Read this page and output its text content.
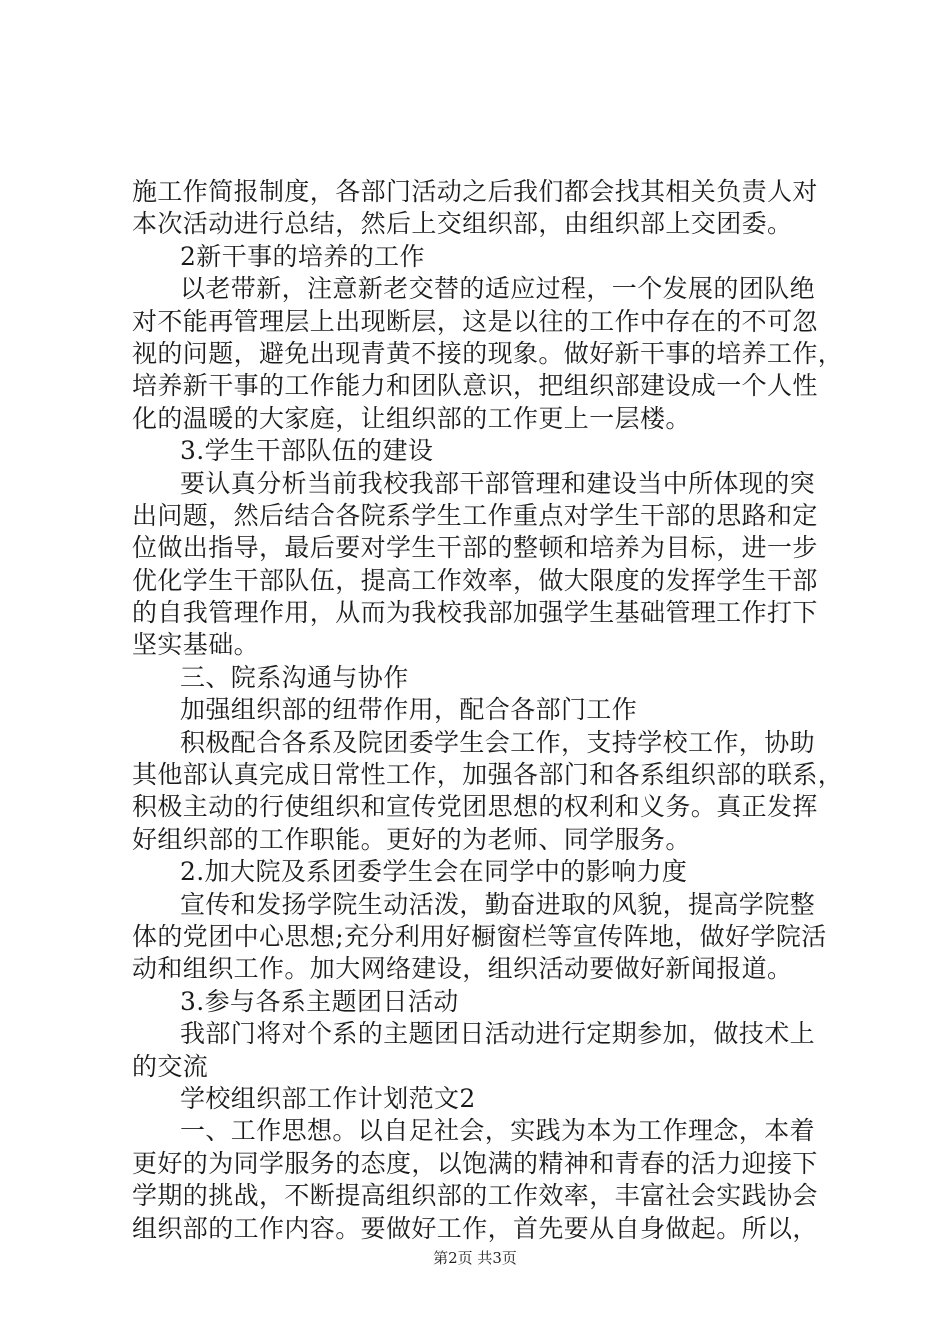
施工作简报制度，各部门活动之后我们都会找其相关负责人对
本次活动进行总结，然后上交组织部，由组织部上交团委。
2新干事的培养的工作
以老带新，注意新老交替的适应过程，一个发展的团队绝
对不能再管理层上出现断层，这是以往的工作中存在的不可忽
视的问题，避免出现青黄不接的现象。做好新干事的培养工作，
培养新干事的工作能力和团队意识，把组织部建设成一个人性
化的温暖的大家庭，让组织部的工作更上一层楼。
3.学生干部队伍的建设
要认真分析当前我校我部干部管理和建设当中所体现的突
出问题，然后结合各院系学生工作重点对学生干部的思路和定
位做出指导，最后要对学生干部的整顿和培养为目标，进一步
优化学生干部队伍，提高工作效率，做大限度的发挥学生干部
的自我管理作用，从而为我校我部加强学生基础管理工作打下
坚实基础。
三、院系沟通与协作
加强组织部的纽带作用，配合各部门工作
积极配合各系及院团委学生会工作，支持学校工作，协助
其他部认真完成日常性工作，加强各部门和各系组织部的联系，
积极主动的行使组织和宣传党团思想的权利和义务。真正发挥
好组织部的工作职能。更好的为老师、同学服务。
2.加大院及系团委学生会在同学中的影响力度
宣传和发扬学院生动活泼，勤奋进取的风貌，提高学院整
体的党团中心思想;充分利用好橱窗栏等宣传阵地，做好学院活
动和组织工作。加大网络建设，组织活动要做好新闻报道。
3.参与各系主题团日活动
我部门将对个系的主题团日活动进行定期参加，做技术上
的交流
学校组织部工作计划范文2
一、工作思想。以自足社会，实践为本为工作理念，本着
更好的为同学服务的态度，以饱满的精神和青春的活力迎接下
学期的挑战，不断提高组织部的工作效率，丰富社会实践协会
组织部的工作内容。要做好工作，首先要从自身做起。所以，
第2页 共3页
